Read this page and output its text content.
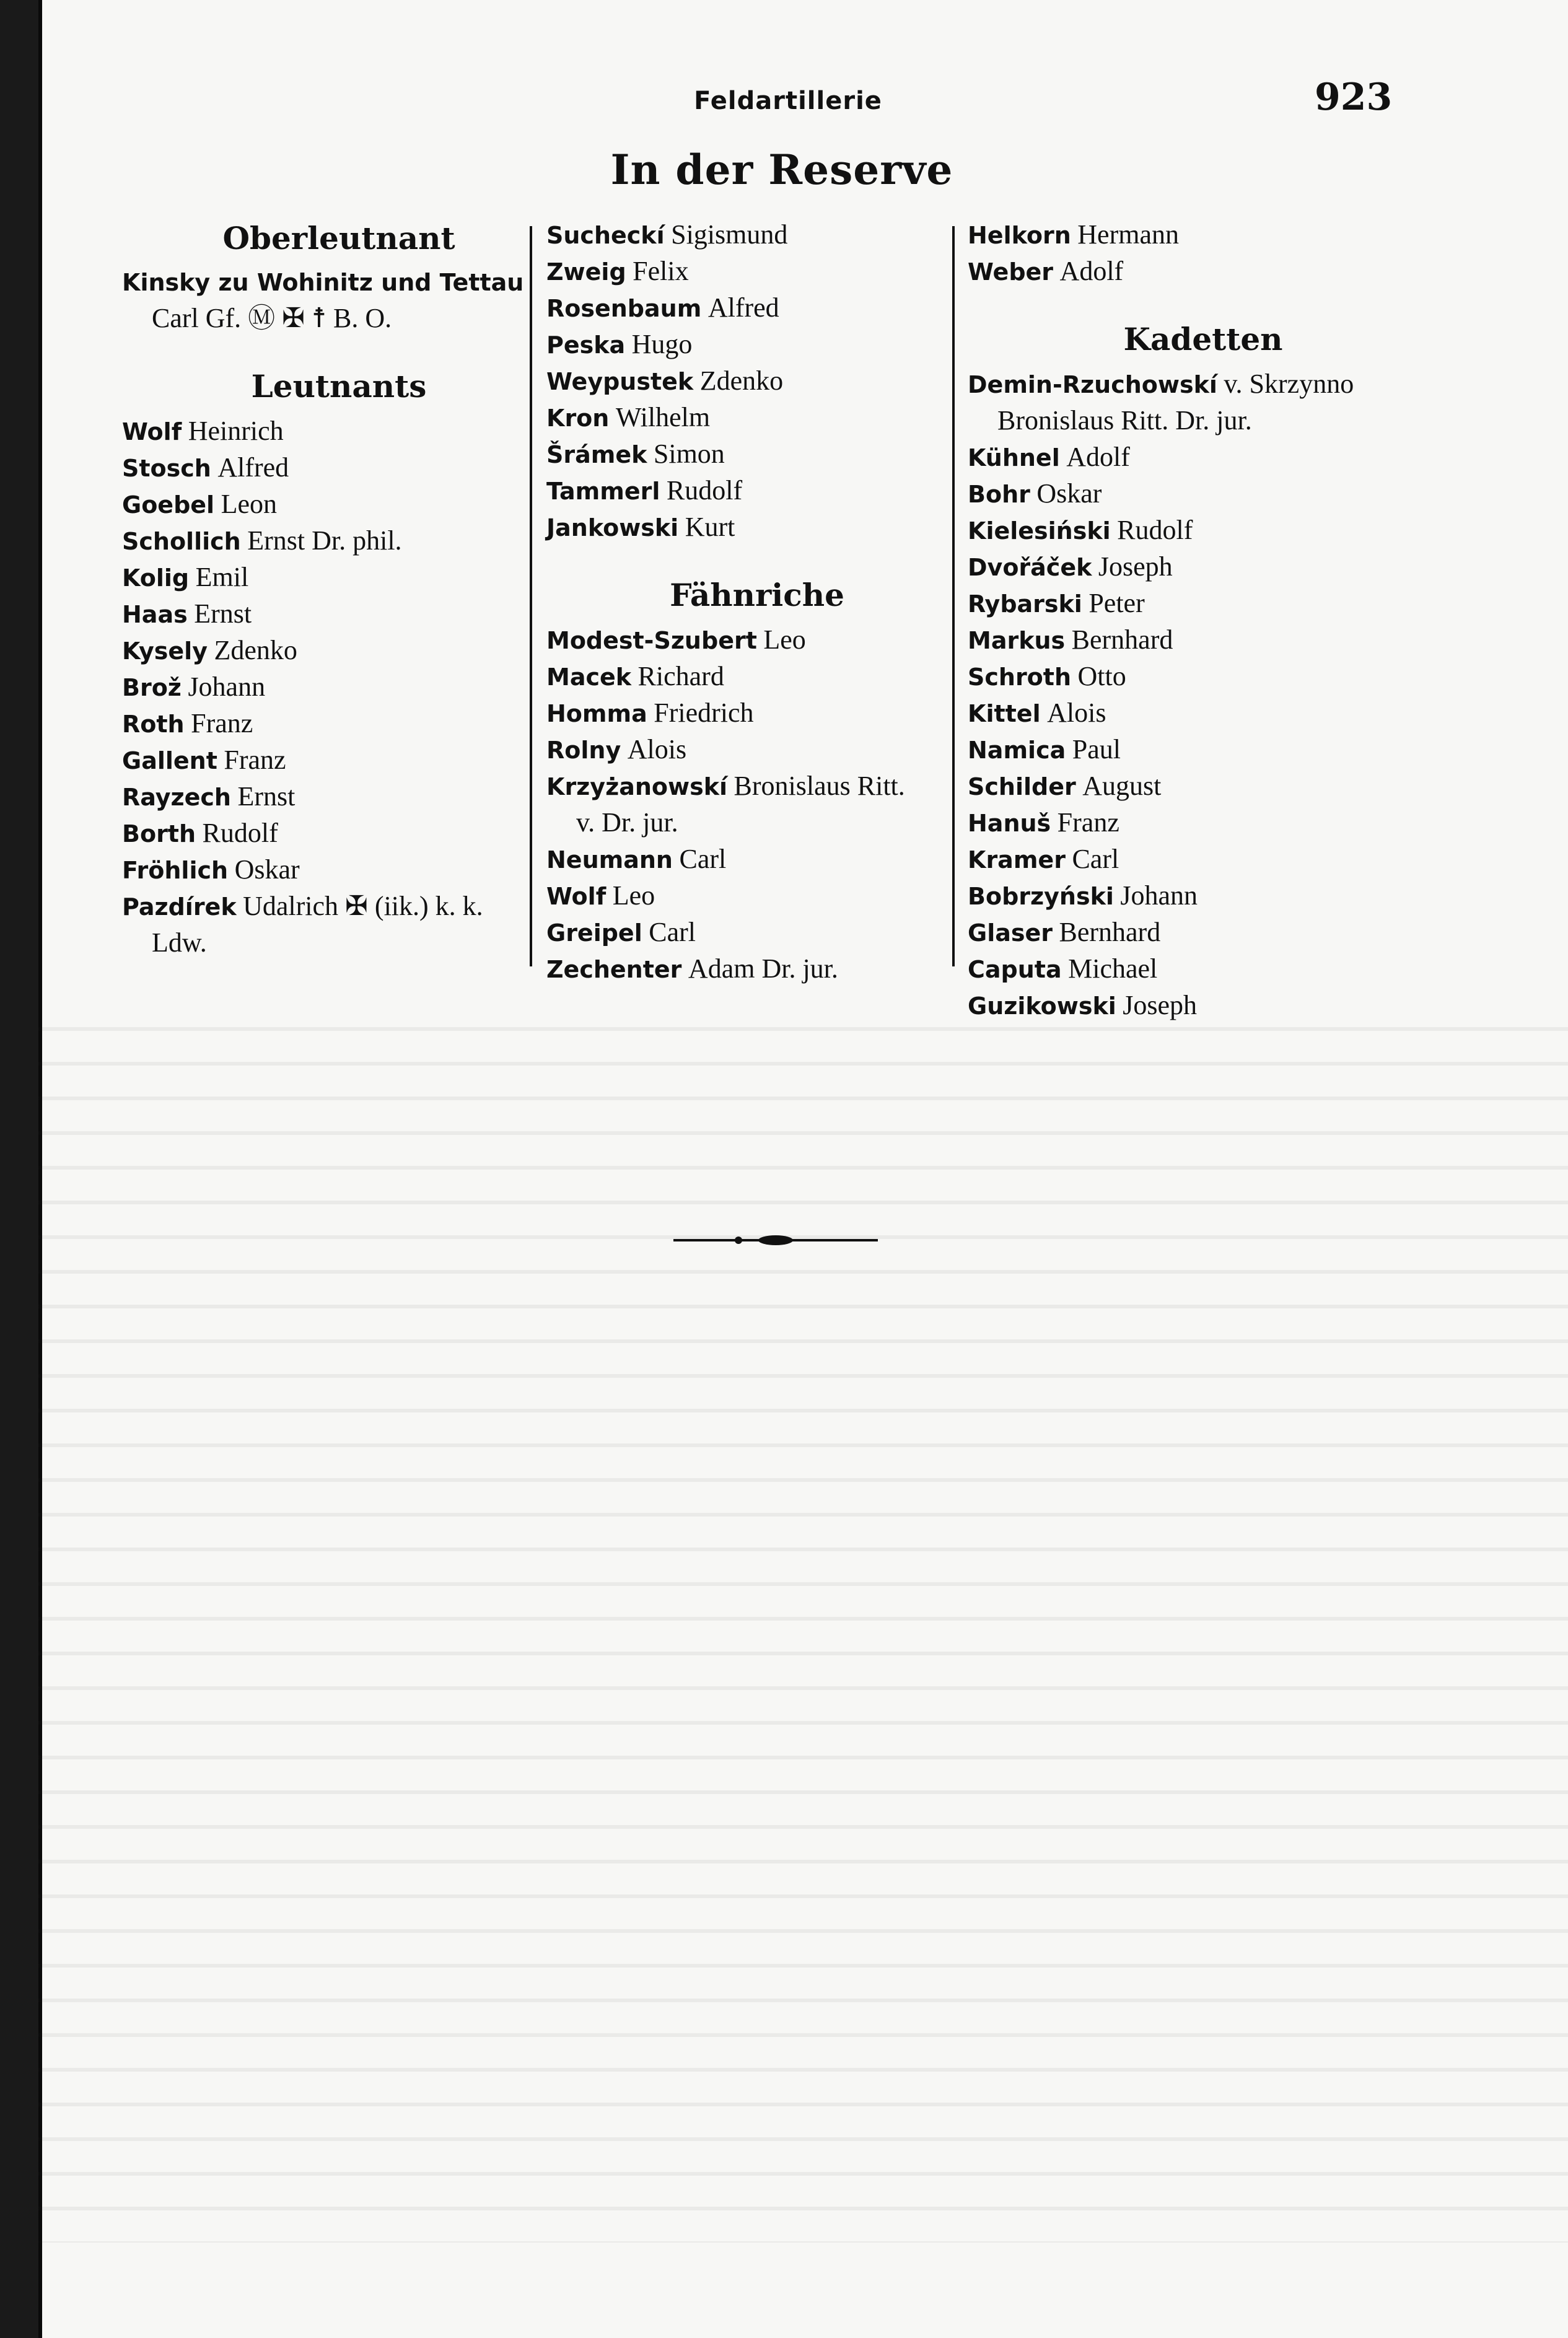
Feldartillerie	923
In der Reserve
Oberleutnant
Kinsky zu Wohinitz und Tettau
Carl Gf. Ⓜ ✠ ☨ B. O.
Leutnants
Wolf Heinrich
Stosch Alfred
Goebel Leon
Schollich Ernst Dr. phil.
Kolig Emil
Haas Ernst
Kysely Zdenko
Brož Johann
Roth Franz
Gallent Franz
Rayzech Ernst
Borth Rudolf
Fröhlich Oskar
Pazdírek Udalrich ✠ (iik.) k. k.
Ldw.
Sucheckí Sigismund
Zweig Felix
Rosenbaum Alfred
Peska Hugo
Weypustek Zdenko
Kron Wilhelm
Šrámek Simon
Tammerl Rudolf
Jankowski Kurt
Fähnriche
Modest-Szubert Leo
Macek Richard
Homma Friedrich
Rolny Alois
Krzyżanowskí Bronislaus Ritt.
v. Dr. jur.
Neumann Carl
Wolf Leo
Greipel Carl
Zechenter Adam Dr. jur.
Helkorn Hermann
Weber Adolf
Kadetten
Demin-Rzuchowskí v. Skrzynno
Bronislaus Ritt. Dr. jur.
Kühnel Adolf
Bohr Oskar
Kielesiński Rudolf
Dvořáček Joseph
Rybarski Peter
Markus Bernhard
Schroth Otto
Kittel Alois
Namica Paul
Schilder August
Hanuš Franz
Kramer Carl
Bobrzyński Johann
Glaser Bernhard
Caputa Michael
Guzikowski Joseph
